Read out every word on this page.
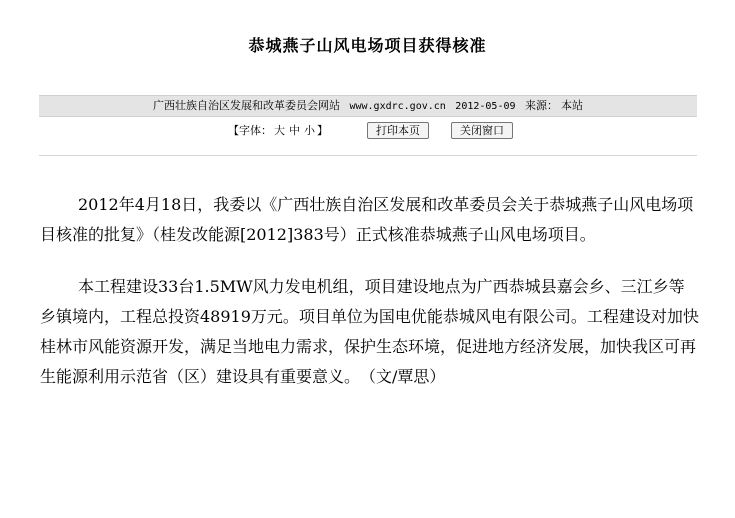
恭城燕子山风电场项目获得核准
广西壮族自治区发展和改革委员会网站 www.gxdrc.gov.cn 2012-05-09 来源： 本站
【字体： 大 中 小 】	打印本页	关闭窗口

2012年4月18日，我委以《广西壮族自治区发展和改革委员会关于恭城燕子山风电场项目核准的批复》（桂发改能源[2012]383号）正式核准恭城燕子山风电场项目。

本工程建设33台1.5MW风力发电机组，项目建设地点为广西恭城县嘉会乡、三江乡等乡镇境内，工程总投资48919万元。项目单位为国电优能恭城风电有限公司。工程建设对加快桂林市风能资源开发，满足当地电力需求，保护生态环境，促进地方经济发展，加快我区可再生能源利用示范省（区）建设具有重要意义。　（文/覃思）
